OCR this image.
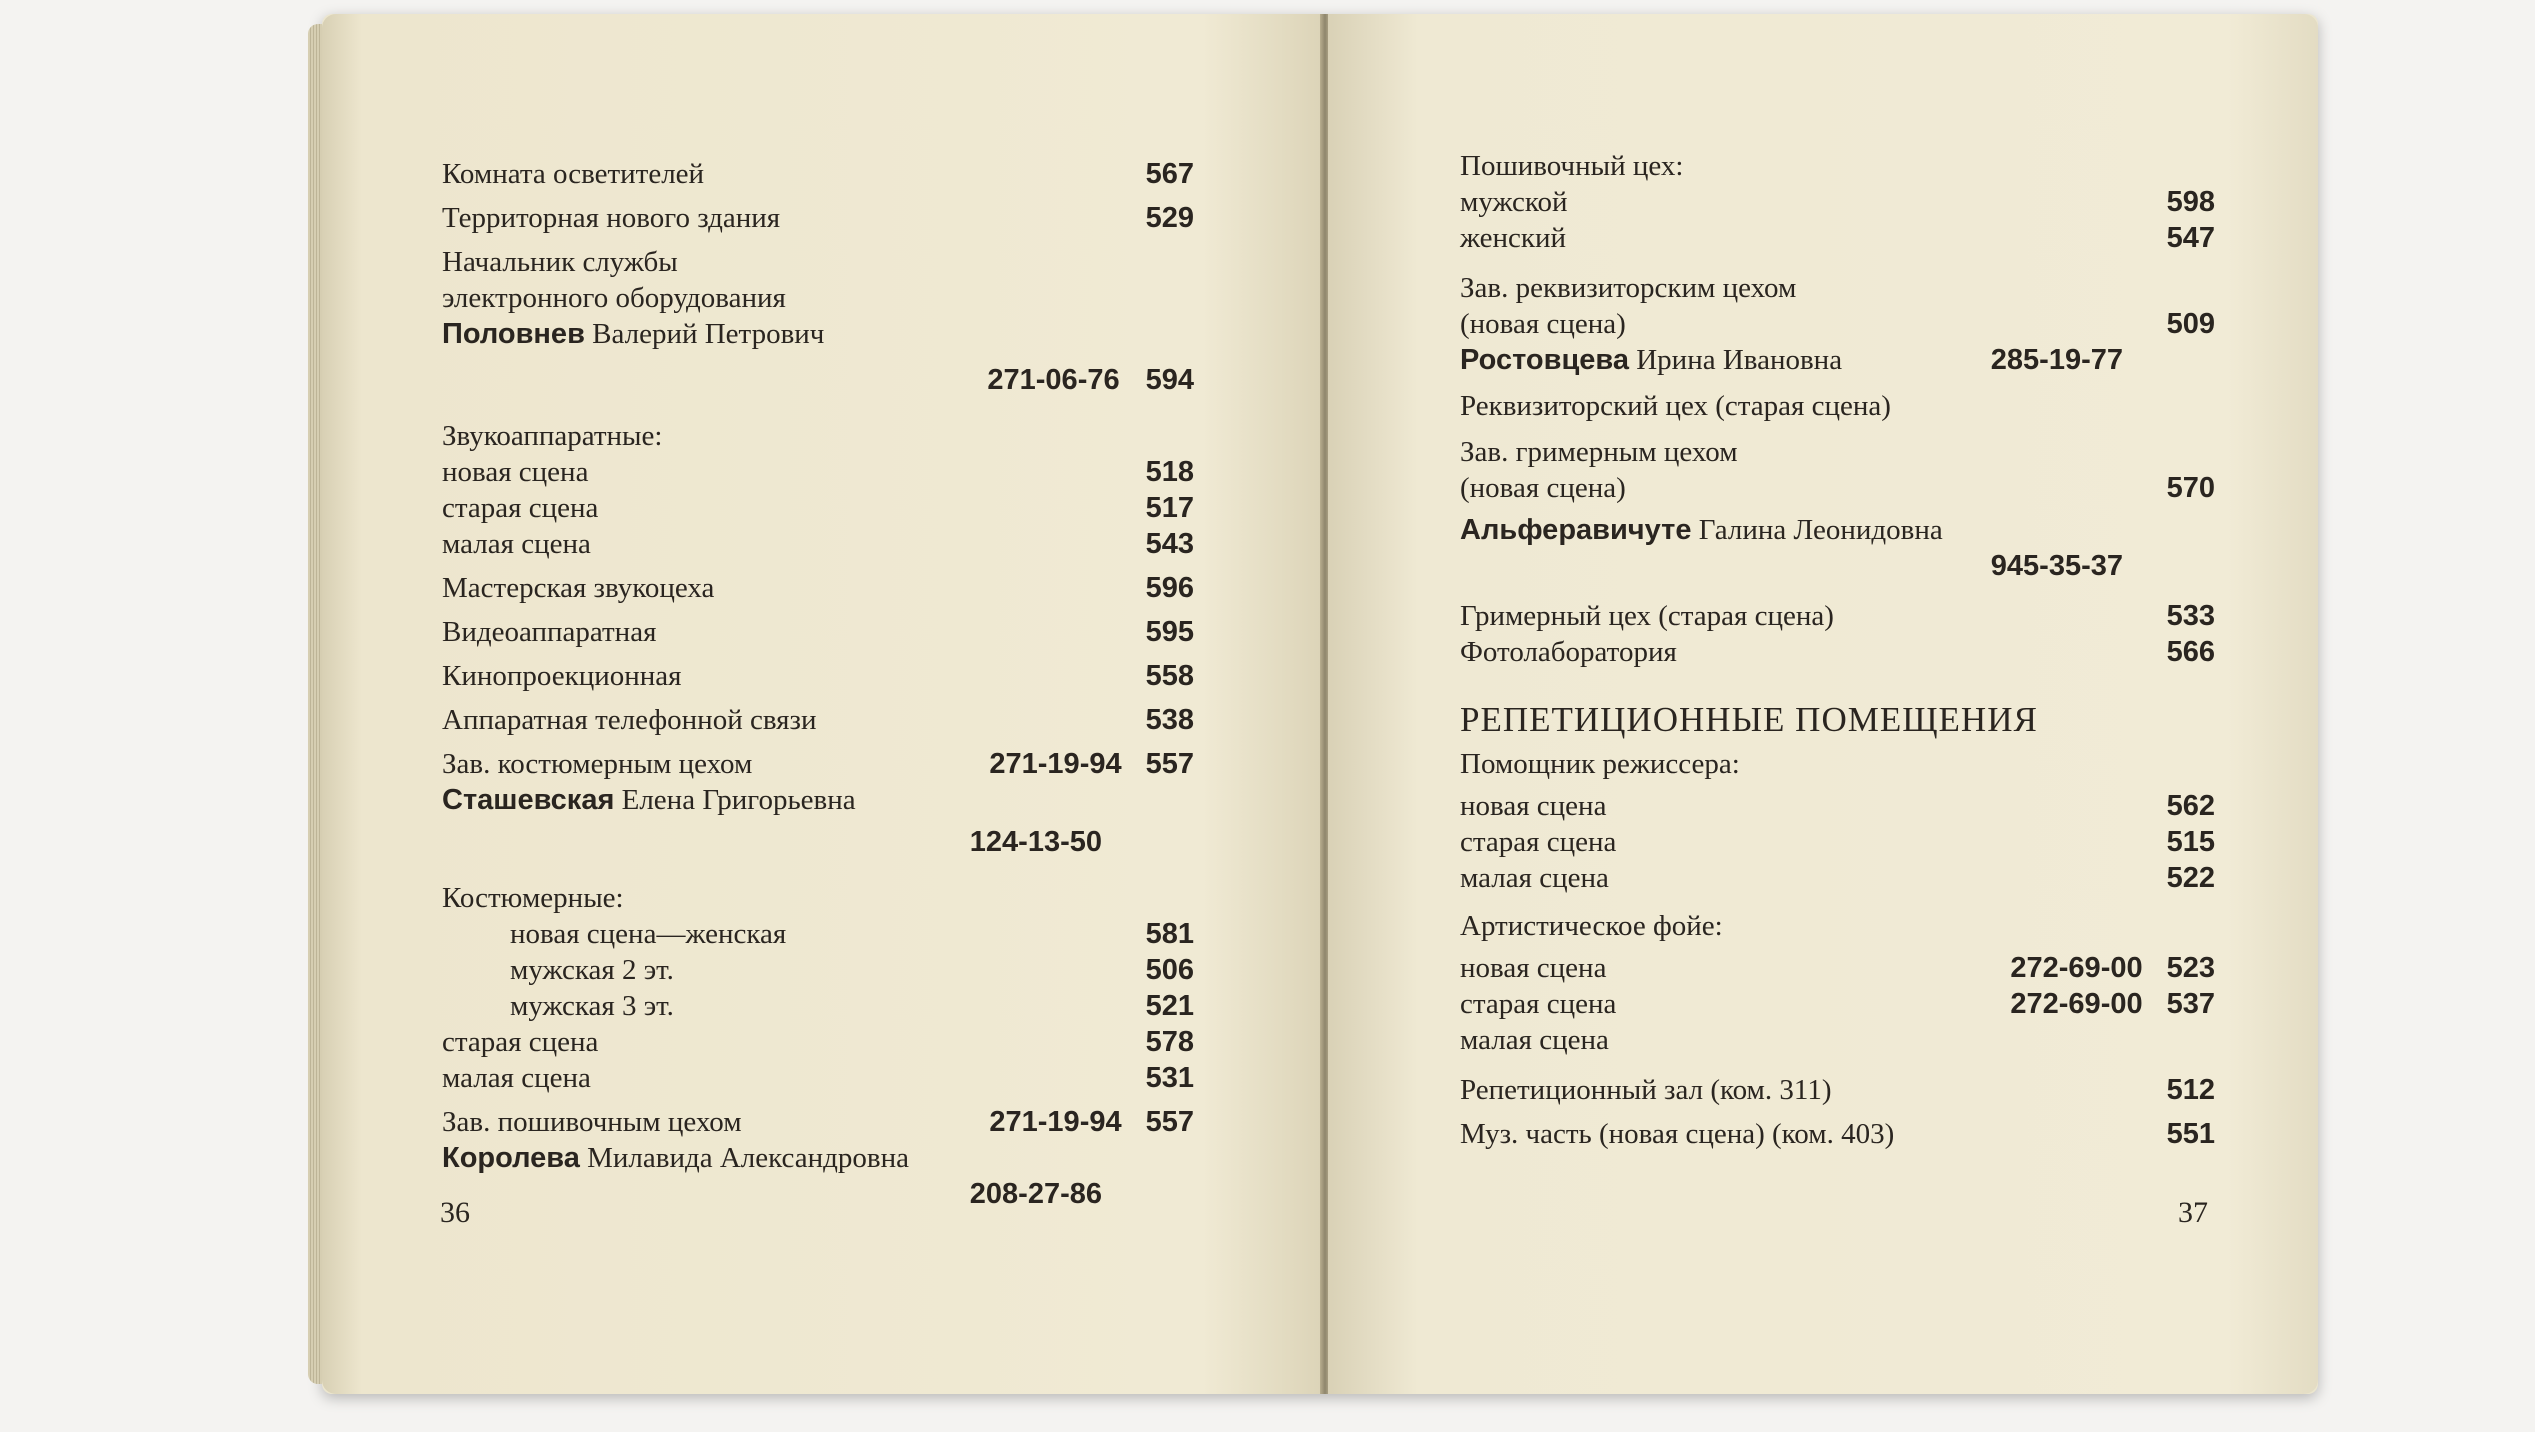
Комната осветителей	567
Территорная нового здания	529
Начальник службы
электронного оборудования
Половнев Валерий Петрович
271-06-76 594
Звукоаппаратные:
новая сцена	518
старая сцена	517
малая сцена	543
Мастерская звукоцеха	596
Видеоаппаратная	595
Кинопроекционная	558
Аппаратная телефонной связи	538
Зав. костюмерным цехом	271-19-94 557
Сташевская Елена Григорьевна
124-13-50
Костюмерные:
новая сцена—женская	581
мужская 2 эт.	506
мужская 3 эт.	521
старая сцена	578
малая сцена	531
Зав. пошивочным цехом	271-19-94 557
Королева Милавида Александровна
208-27-86
36
Пошивочный цех:
мужской	598
женский	547
Зав. реквизиторским цехом
(новая сцена)	509
Ростовцева Ирина Ивановна	285-19-77
Реквизиторский цех (старая сцена)
Зав. гримерным цехом
(новая сцена)	570
Альферавичуте Галина Леонидовна
945-35-37
Гримерный цех (старая сцена)	533
Фотолаборатория	566
РЕПЕТИЦИОННЫЕ ПОМЕЩЕНИЯ
Помощник режиссера:
новая сцена	562
старая сцена	515
малая сцена	522
Артистическое фойе:
новая сцена	272-69-00 523
старая сцена	272-69-00 537
малая сцена
Репетиционный зал (ком. 311)	512
Муз. часть (новая сцена) (ком. 403)	551
37
